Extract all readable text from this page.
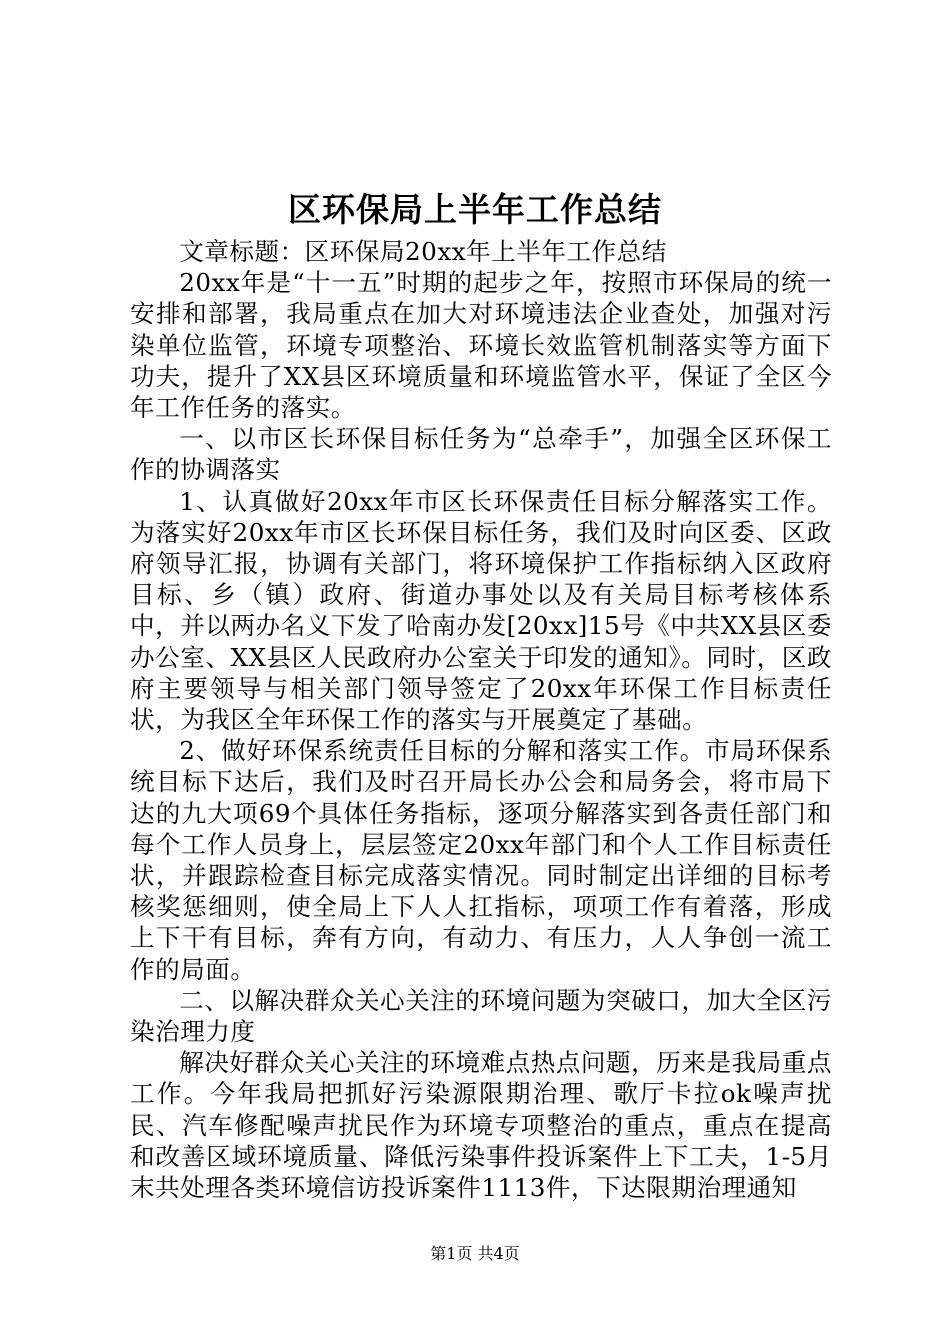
区环保局上半年工作总结

文章标题：区环保局20xx年上半年工作总结

20xx年是“十一五”时期的起步之年，按照市环保局的统一安排和部署，我局重点在加大对环境违法企业查处，加强对污染单位监管，环境专项整治、环境长效监管机制落实等方面下功夫，提升了XX县区环境质量和环境监管水平，保证了全区今年工作任务的落实。

一、以市区长环保目标任务为“总牵手”，加强全区环保工作的协调落实

1、认真做好20xx年市区长环保责任目标分解落实工作。为落实好20xx年市区长环保目标任务，我们及时向区委、区政府领导汇报，协调有关部门，将环境保护工作指标纳入区政府目标、乡（镇）政府、街道办事处以及有关局目标考核体系中，并以两办名义下发了哈南办发[20xx]15号《中共XX县区委办公室、XX县区人民政府办公室关于印发的通知》。同时，区政府主要领导与相关部门领导签定了20xx年环保工作目标责任状，为我区全年环保工作的落实与开展奠定了基础。

2、做好环保系统责任目标的分解和落实工作。市局环保系统目标下达后，我们及时召开局长办公会和局务会，将市局下达的九大项69个具体任务指标，逐项分解落实到各责任部门和每个工作人员身上，层层签定20xx年部门和个人工作目标责任状，并跟踪检查目标完成落实情况。同时制定出详细的目标考核奖惩细则，使全局上下人人扛指标，项项工作有着落，形成上下干有目标，奔有方向，有动力、有压力，人人争创一流工作的局面。

二、以解决群众关心关注的环境问题为突破口，加大全区污染治理力度

解决好群众关心关注的环境难点热点问题，历来是我局重点工作。今年我局把抓好污染源限期治理、歌厅卡拉ok噪声扰民、汽车修配噪声扰民作为环境专项整治的重点，重点在提高和改善区域环境质量、降低污染事件投诉案件上下工夫，1-5月末共处理各类环境信访投诉案件1113件，下达限期治理通知

第1页 共4页
